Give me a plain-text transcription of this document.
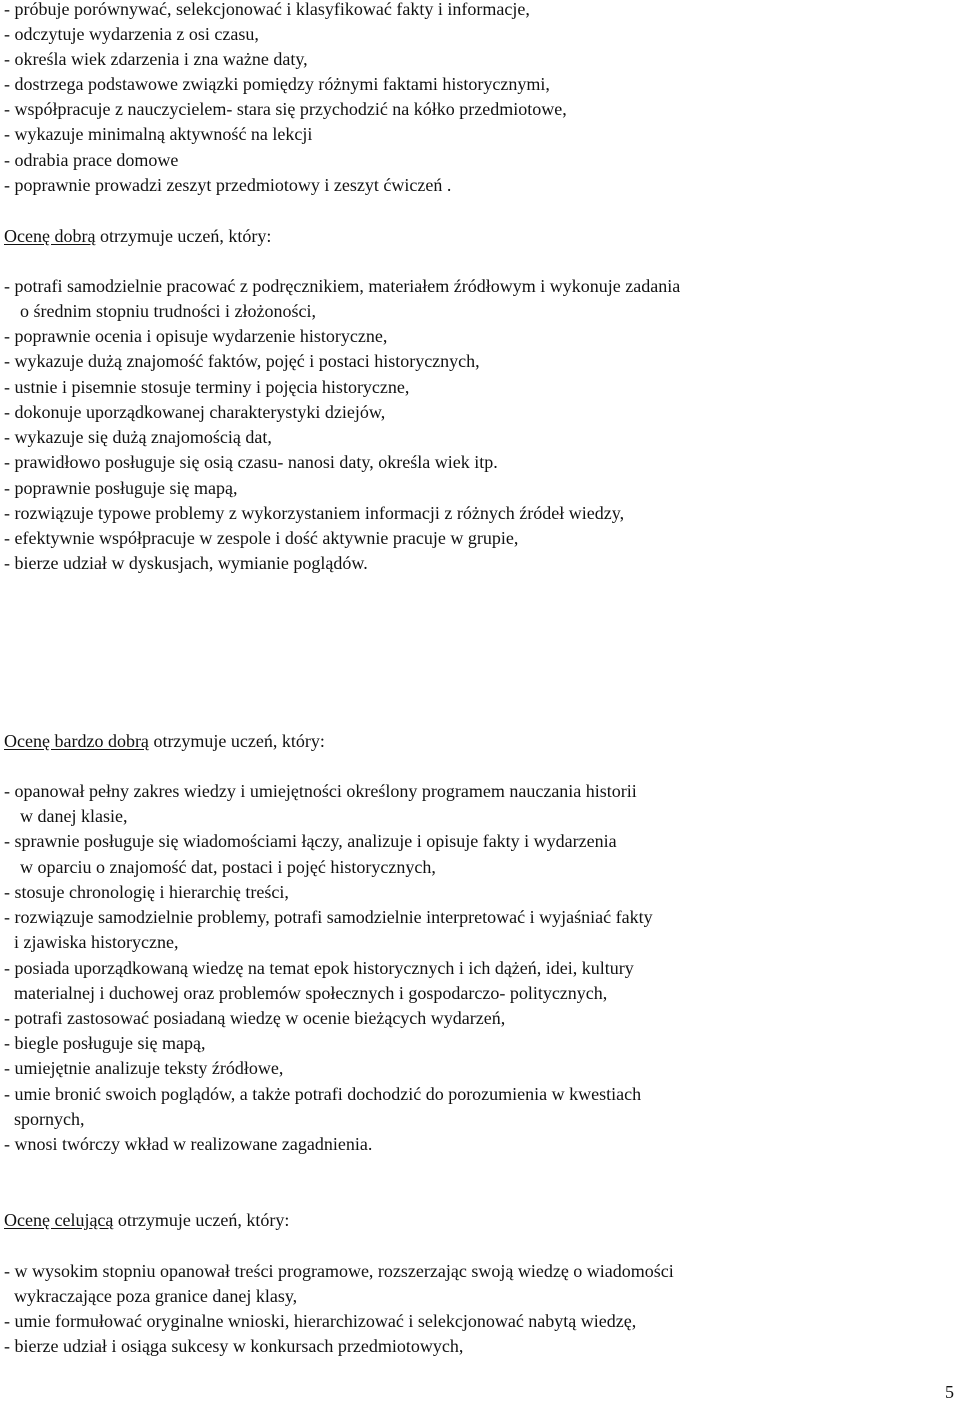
- próbuje porównywać, selekcjonować i klasyfikować fakty i informacje,
- odczytuje wydarzenia z osi czasu,
- określa wiek zdarzenia i zna ważne daty,
- dostrzega podstawowe związki pomiędzy różnymi faktami historycznymi,
- współpracuje z nauczycielem- stara się przychodzić na kółko przedmiotowe,
- wykazuje minimalną aktywność na lekcji
- odrabia prace domowe
- poprawnie prowadzi zeszyt przedmiotowy i zeszyt ćwiczeń .
Ocenę dobrą otrzymuje uczeń, który:
- potrafi samodzielnie pracować z podręcznikiem, materiałem źródłowym i wykonuje zadania
o średnim stopniu trudności i złożoności,
- poprawnie ocenia i opisuje wydarzenie historyczne,
- wykazuje dużą znajomość faktów, pojęć i postaci historycznych,
- ustnie i pisemnie stosuje terminy i pojęcia historyczne,
- dokonuje uporządkowanej charakterystyki dziejów,
- wykazuje się dużą znajomością dat,
- prawidłowo posługuje się osią czasu- nanosi daty, określa wiek itp.
- poprawnie posługuje się mapą,
- rozwiązuje typowe problemy z wykorzystaniem informacji z różnych źródeł wiedzy,
- efektywnie współpracuje w zespole i dość aktywnie pracuje w grupie,
- bierze udział w dyskusjach, wymianie poglądów.
Ocenę bardzo dobrą otrzymuje uczeń, który:
- opanował pełny zakres wiedzy i umiejętności określony programem nauczania historii
w danej klasie,
- sprawnie posługuje się wiadomościami łączy, analizuje i opisuje fakty i wydarzenia
w oparciu o znajomość dat, postaci i pojęć historycznych,
- stosuje chronologię i hierarchię treści,
- rozwiązuje samodzielnie problemy, potrafi samodzielnie interpretować i wyjaśniać fakty
i zjawiska historyczne,
- posiada uporządkowaną wiedzę na temat epok historycznych i ich dążeń, idei, kultury
materialnej i duchowej oraz problemów społecznych i gospodarczo- politycznych,
- potrafi zastosować posiadaną wiedzę w ocenie bieżących wydarzeń,
- biegle posługuje się mapą,
- umiejętnie analizuje teksty źródłowe,
- umie bronić swoich poglądów, a także potrafi dochodzić do porozumienia w kwestiach
spornych,
- wnosi twórczy wkład w realizowane zagadnienia.
Ocenę celującą otrzymuje uczeń, który:
- w wysokim stopniu opanował treści programowe, rozszerzając swoją wiedzę o wiadomości
wykraczające poza granice danej klasy,
- umie formułować oryginalne wnioski, hierarchizować i selekcjonować nabytą wiedzę,
- bierze udział i osiąga sukcesy w konkursach przedmiotowych,
5
